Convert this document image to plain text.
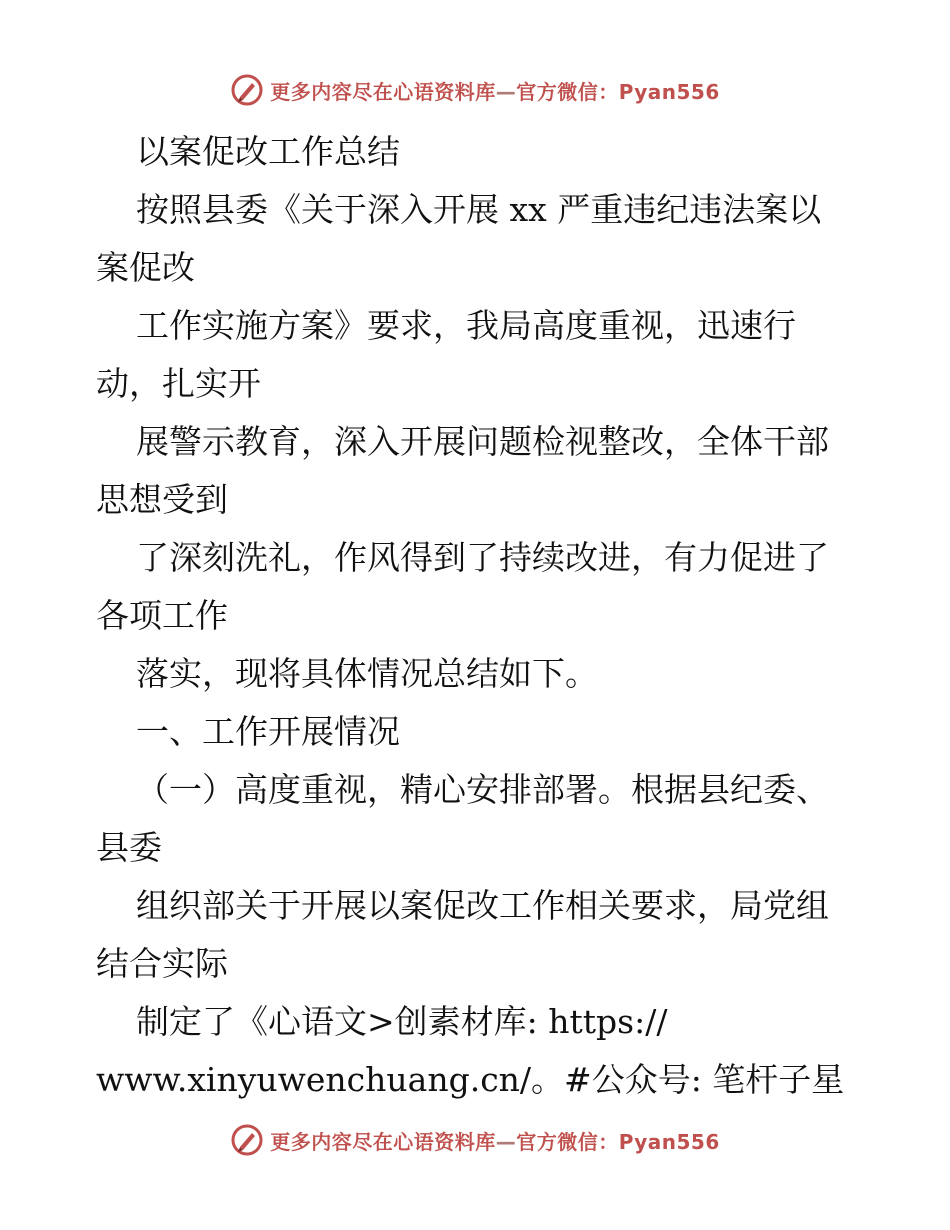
更多内容尽在心语资料库—官方微信：Pyan556
以案促改工作总结
按照县委《关于深入开展 xx 严重违纪违法案以
案促改
工作实施方案》要求，我局高度重视，迅速行
动，扎实开
展警示教育，深入开展问题检视整改，全体干部
思想受到
了深刻洗礼，作风得到了持续改进，有力促进了
各项工作
落实，现将具体情况总结如下。
一、工作开展情况
（一）高度重视，精心安排部署。根据县纪委、
县委
组织部关于开展以案促改工作相关要求，局党组
结合实际
制定了《心语文>创素材库: https://
www.xinyuwenchuang.cn/。#公众号: 笔杆子星
更多内容尽在心语资料库—官方微信：Pyan556
